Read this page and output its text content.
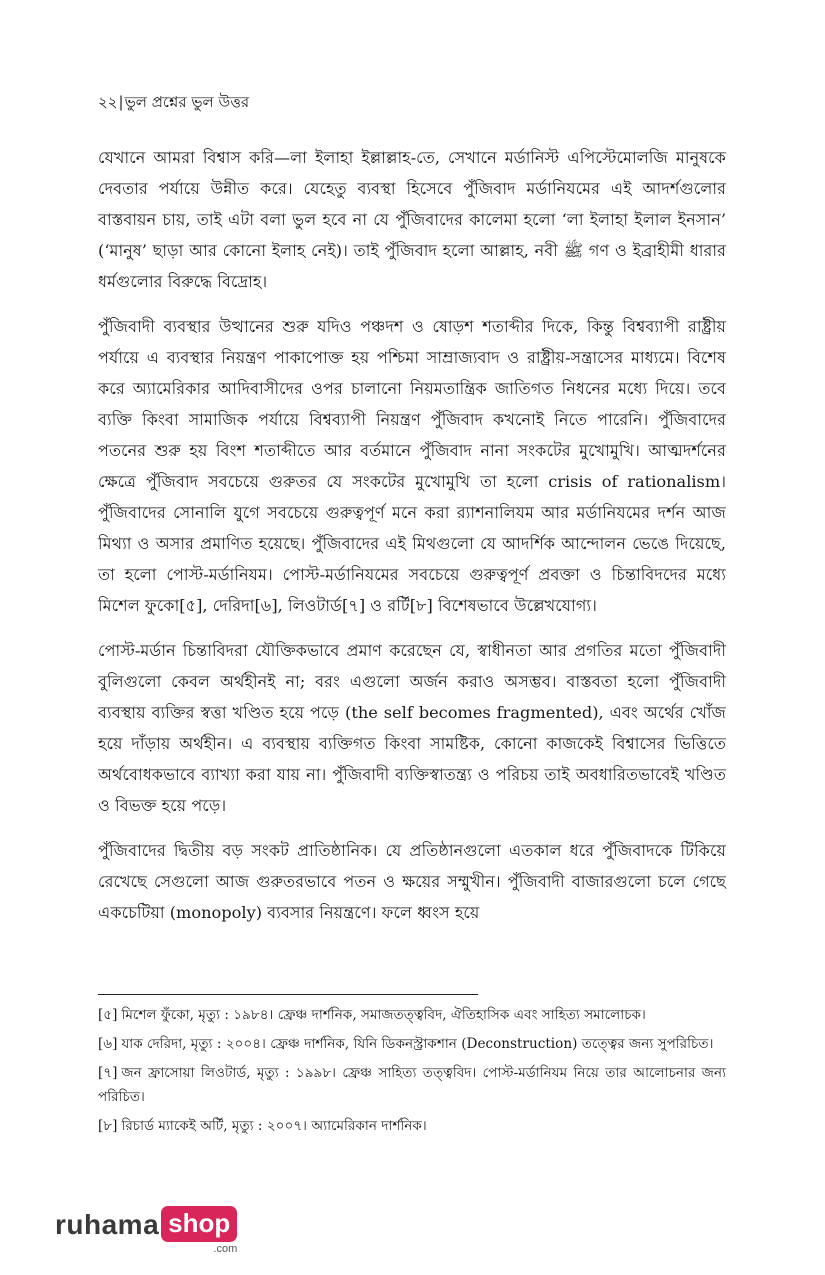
২২|ভুল প্রশ্নের ভুল উত্তর

যেখানে আমরা বিশ্বাস করি—লা ইলাহা ইল্লাল্লাহ-তে, সেখানে মর্ডানিস্ট এপিস্টেমোলজি মানুষকে দেবতার পর্যায়ে উন্নীত করে। যেহেতু ব্যবস্থা হিসেবে পুঁজিবাদ মর্ডানিযমের এই আদর্শগুলোর বাস্তবায়ন চায়, তাই এটা বলা ভুল হবে না যে পুঁজিবাদের কালেমা হলো ‘লা ইলাহা ইলাল ইনসান’ (‘মানুষ’ ছাড়া আর কোনো ইলাহ নেই)। তাই পুঁজিবাদ হলো আল্লাহ, নবী ﷺ গণ ও ইব্রাহীমী ধারার ধর্মগুলোর বিরুদ্ধে বিদ্রোহ।

পুঁজিবাদী ব্যবস্থার উত্থানের শুরু যদিও পঞ্চদশ ও ষোড়শ শতাব্দীর দিকে, কিন্তু বিশ্বব্যাপী রাষ্ট্রীয় পর্যায়ে এ ব্যবস্থার নিয়ন্ত্রণ পাকাপোক্ত হয় পশ্চিমা সাম্রাজ্যবাদ ও রাষ্ট্রীয়-সন্ত্রাসের মাধ্যমে। বিশেষ করে অ্যামেরিকার আদিবাসীদের ওপর চালানো নিয়মতান্ত্রিক জাতিগত নিধনের মধ্যে দিয়ে। তবে ব্যক্তি কিংবা সামাজিক পর্যায়ে বিশ্বব্যাপী নিয়ন্ত্রণ পুঁজিবাদ কখনোই নিতে পারেনি। পুঁজিবাদের পতনের শুরু হয় বিংশ শতাব্দীতে আর বর্তমানে পুঁজিবাদ নানা সংকটের মুখোমুখি। আত্মদর্শনের ক্ষেত্রে পুঁজিবাদ সবচেয়ে গুরুতর যে সংকটের মুখোমুখি তা হলো crisis of rationalism। পুঁজিবাদের সোনালি যুগে সবচেয়ে গুরুত্বপূর্ণ মনে করা র‍্যাশনালিযম আর মর্ডানিযমের দর্শন আজ মিথ্যা ও অসার প্রমাণিত হয়েছে। পুঁজিবাদের এই মিথগুলো যে আদর্শিক আন্দোলন ভেঙে দিয়েছে, তা হলো পোস্ট-মর্ডানিযম। পোস্ট-মর্ডানিযমের সবচেয়ে গুরুত্বপূর্ণ প্রবক্তা ও চিন্তাবিদদের মধ্যে মিশেল ফুকো[৫], দেরিদা[৬], লিওটার্ড[৭] ও রর্টি[৮] বিশেষভাবে উল্লেখযোগ্য।

পোস্ট-মর্ডান চিন্তাবিদরা যৌক্তিকভাবে প্রমাণ করেছেন যে, স্বাধীনতা আর প্রগতির মতো পুঁজিবাদী বুলিগুলো কেবল অর্থহীনই না; বরং এগুলো অর্জন করাও অসম্ভব। বাস্তবতা হলো পুঁজিবাদী ব্যবস্থায় ব্যক্তির স্বত্তা খণ্ডিত হয়ে পড়ে (the self becomes fragmented), এবং অর্থের খোঁজ হয়ে দাঁড়ায় অর্থহীন। এ ব্যবস্থায় ব্যক্তিগত কিংবা সামষ্টিক, কোনো কাজকেই বিশ্বাসের ভিত্তিতে অর্থবোধকভাবে ব্যাখ্যা করা যায় না। পুঁজিবাদী ব্যক্তিস্বাতন্ত্র্য ও পরিচয় তাই অবধারিতভাবেই খণ্ডিত ও বিভক্ত হয়ে পড়ে।

পুঁজিবাদের দ্বিতীয় বড় সংকট প্রাতিষ্ঠানিক। যে প্রতিষ্ঠানগুলো এতকাল ধরে পুঁজিবাদকে টিকিয়ে রেখেছে সেগুলো আজ গুরুতরভাবে পতন ও ক্ষয়ের সম্মুখীন। পুঁজিবাদী বাজারগুলো চলে গেছে একচেটিয়া (monopoly) ব্যবসার নিয়ন্ত্রণে। ফলে ধ্বংস হয়ে

[৫] মিশেল ফুঁকো, মৃত্যু : ১৯৮৪। ফ্রেঞ্চ দার্শনিক, সমাজতত্ত্ববিদ, ঐতিহাসিক এবং সাহিত্য সমালোচক।

[৬] যাক দেরিদা, মৃত্যু : ২০০৪। ফ্রেঞ্চ দার্শনিক, যিনি ডিকনস্ট্রাকশান (Deconstruction) তত্ত্বের জন্য সুপরিচিত।

[৭] জন ফ্রাসোয়া লিওটার্ড, মৃত্যু : ১৯৯৮। ফ্রেঞ্চ সাহিত্য তত্ত্ববিদ। পোস্ট-মর্ডানিযম নিয়ে তার আলোচনার জন্য পরিচিত।

[৮] রিচার্ড ম্যাকেই অর্টি, মৃত্যু : ২০০৭। অ্যামেরিকান দার্শনিক।

ruhama shop
.com
